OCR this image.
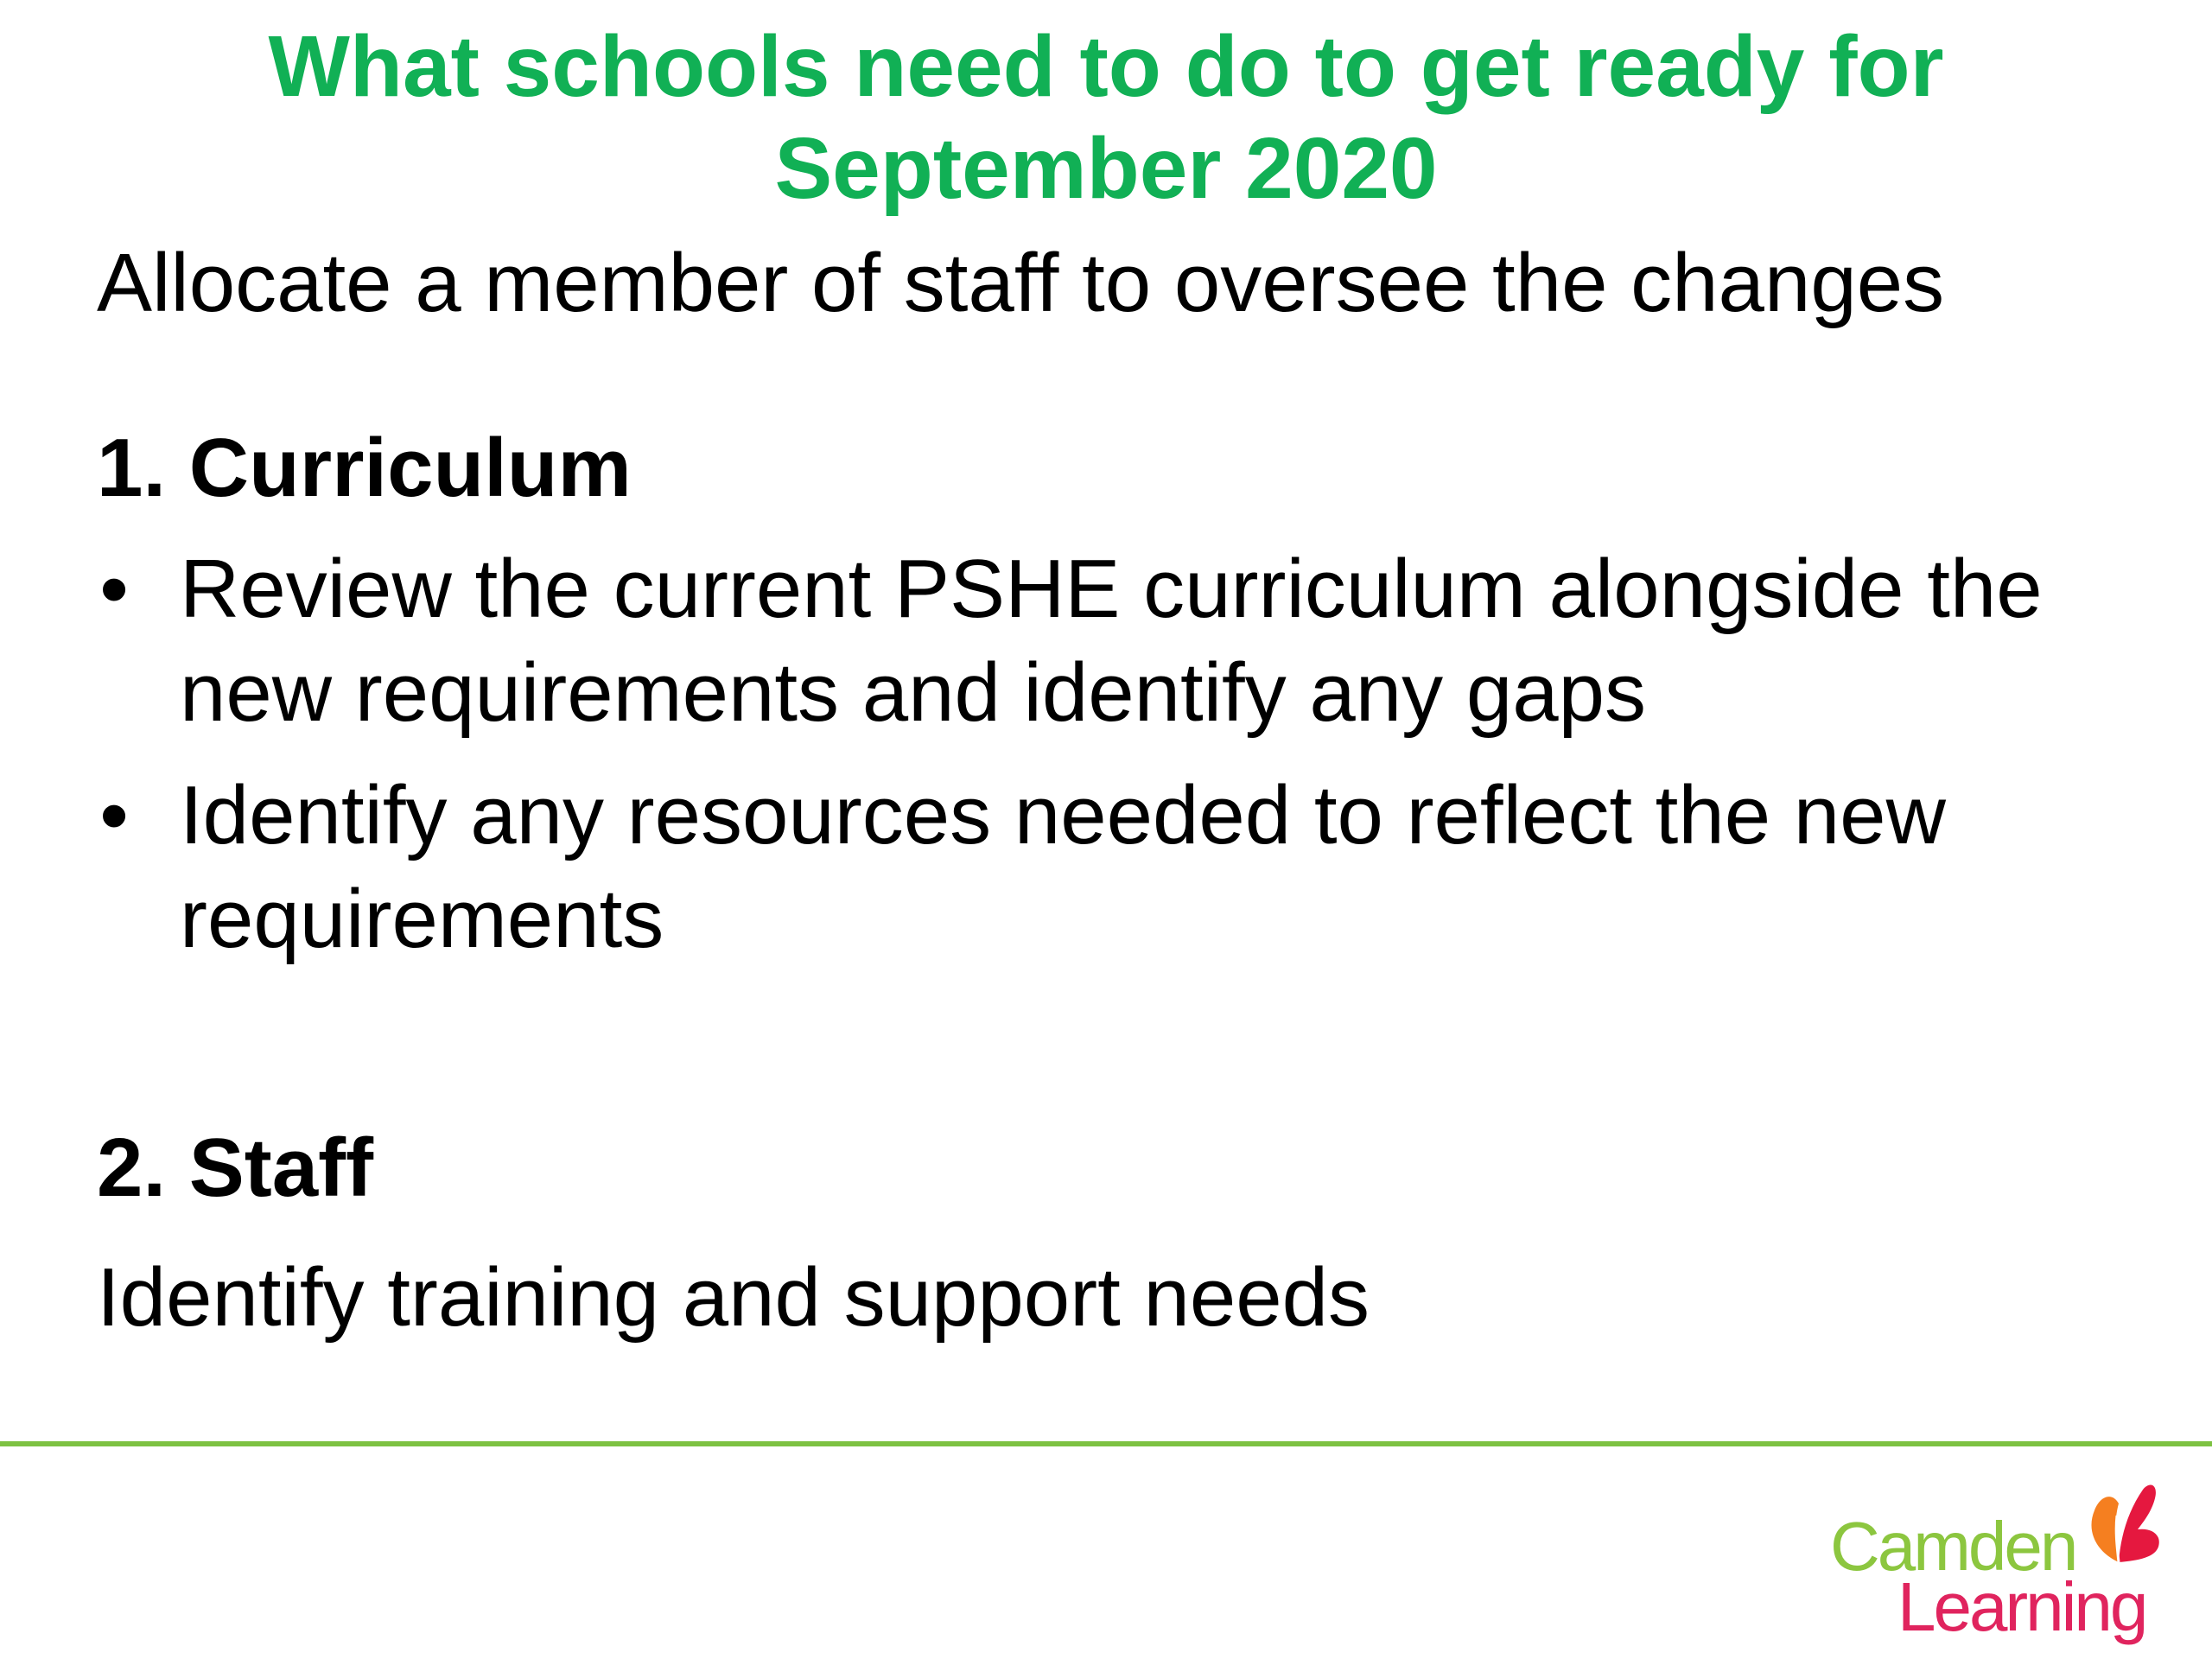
What schools need to do to get ready for
September 2020

Allocate a member of staff to oversee the changes

1. Curriculum
• Review the current PSHE curriculum alongside the new requirements and identify any gaps
• Identify any resources needed to reflect the new requirements
2. Staff

Identify training and support needs

Camden
Learning
